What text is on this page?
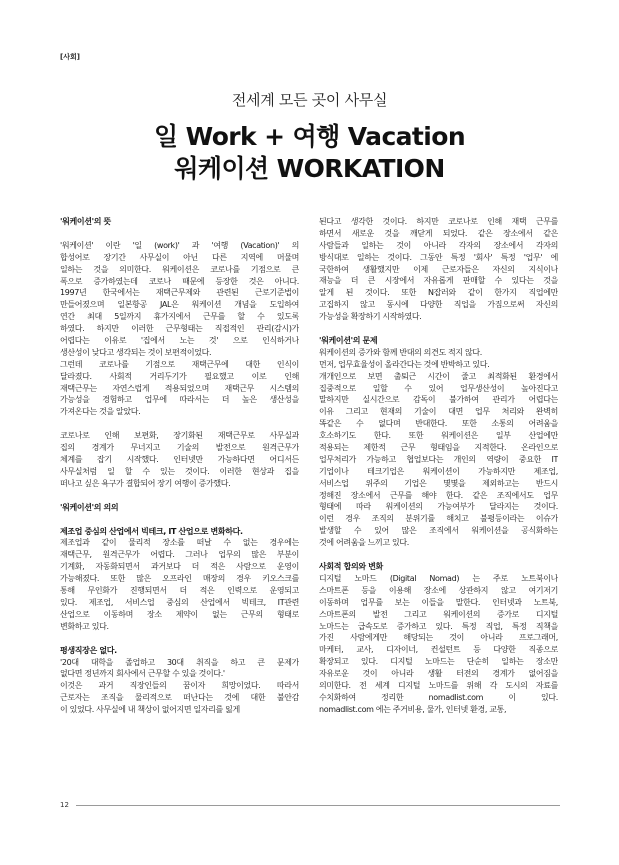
[사회]
전세계 모든 곳이 사무실
일 Work + 여행 Vacation
워케이션 WORKATION
'워케이션'의 뜻
'워케이션' 이란 '일 (work)' 과 '여행 (Vacation)' 의
합성어로 장기간 사무실이 아닌 다른 지역에 머물며
일하는 것을 의미한다. 워케이션은 코로나를 기점으로 큰
폭으로 증가하였는데 코로나 때문에 등장한 것은 아니다.
1997년 한국에서는 재택근무제와 관련된 근로기준법이
만들어졌으며 일본항공 JAL은 워케이션 개념을 도입하여
연간 최대 5일까지 휴가지에서 근무를 할 수 있도록
하였다. 하지만 이러한 근무형태는 직접적인 관리(감시)가
어렵다는 이유로 '집에서 노는 것' 으로 인식하거나
생산성이 낮다고 생각되는 것이 보편적이었다.
그런데 코로나를 기점으로 재택근무에 대한 인식이
달라졌다. 사회적 거리두기가 필요했고 이로 인해
재택근무는 자연스럽게 적용되었으며 재택근무 시스템의
가능성을 경험하고 업무에 따라서는 더 높은 생산성을
가져온다는 것을 알았다.
코로나로 인해 보편화, 장기화된 재택근무로 사무실과
집의 경계가 무너지고 기술의 발전으로 원격근무가
체계를 잡기 시작했다. 인터넷만 가능하다면 어디서든
사무실처럼 일 할 수 있는 것이다. 이러한 현상과 집을
떠나고 싶은 욕구가 결합되어 장기 여행이 증가했다.
'워케이션'의 의의
제조업 중심의 산업에서 빅테크, IT 산업으로 변화하다.
제조업과 같이 물리적 장소를 떠날 수 없는 경우에는
재택근무, 원격근무가 어렵다. 그러나 업무의 많은 부분이
기계화, 자동화되면서 과거보다 더 적은 사람으로 운영이
가능해졌다. 또한 많은 오프라인 매장의 경우 키오스크를
통해 무인화가 진행되면서 더 적은 인력으로 운영되고
있다. 제조업, 서비스업 중심의 산업에서 빅테크, IT관련
산업으로 이동하며 장소 제약이 없는 근무의 형태로
변화하고 있다.
평생직장은 없다.
'20대 대학을 졸업하고 30대 취직을 하고 큰 문제가
없다면 정년까지 회사에서 근무할 수 있을 것이다.'
이것은 과거 직장인들의 꿈이자 희망이었다. 따라서
근로자는 조직을 물리적으로 떠난다는 것에 대한 불안감
이 있었다. 사무실에 내 책상이 없어지면 일자리를 잃게
된다고 생각한 것이다. 하지만 코로나로 인해 재택 근무를
하면서 새로운 것을 깨닫게 되었다. 같은 장소에서 같은
사람들과 일하는 것이 아니라 각자의 장소에서 각자의
방식대로 일하는 것이다. 그동안 특정 '회사' 특정 '업무' 에
국한하여 생활했지만 이제 근로자들은 자신의 지식이나
재능을 더 큰 시장에서 자유롭게 판매할 수 있다는 것을
알게 된 것이다. 또한 N잡러와 같이 한가지 직업에만
고집하지 않고 동시에 다양한 직업을 가짐으로써 자신의
가능성을 확장하기 시작하였다.
'워케이션'의 문제
워케이션의 증가와 함께 반대의 의견도 적지 않다.
먼저, 업무효율성이 올라간다는 것에 반박하고 있다.
개개인으로 보면 출퇴근 시간이 줄고 최적화된 환경에서
집중적으로 일할 수 있어 업무생산성이 높아진다고
말하지만 실시간으로 감독이 불가하여 관리가 어렵다는
이유 그리고 현재의 기술이 대면 업무 처리와 완벽히
똑같은 수 없다며 반대한다. 또한 소통의 어려움을
호소하기도 한다. 또한 워케이션은 일부 산업에만
적용되는 제한적 근무 형태임을 지적한다. 온라인으로
업무처리가 가능하고 협업보다는 개인의 역량이 중요한 IT
기업이나 테크기업은 워케이션이 가능하지만 제조업,
서비스업 위주의 기업은 몇몇을 제외하고는 반드시
정해진 장소에서 근무를 해야 한다. 같은 조직에서도 업무
형태에 따라 워케이션의 가능여부가 달라지는 것이다.
이런 경우 조직의 분위기를 해치고 불평등이라는 이슈가
발생할 수 있어 많은 조직에서 워케이션을 공식화하는
것에 어려움을 느끼고 있다.
사회적 합의와 변화
디지털 노마드 (Digital Nomad) 는 주로 노트북이나
스마트폰 등을 이용해 장소에 상관하지 않고 여기저기
이동하며 업무를 보는 이들을 말한다. 인터넷과 노트북,
스마트폰의 발전 그리고 워케이션의 증가로 디지털
노마드는 급속도로 증가하고 있다. 특정 직업, 특정 직책을
가진 사람에게만 해당되는 것이 아니라 프로그래머,
마케터, 교사, 디자이너, 컨설턴트 등 다양한 직종으로
확장되고 있다. 디지털 노마드는 단순히 일하는 장소만
자유로운 것이 아니라 생활 터전의 경계가 없어짐을
의미한다. 전 세계 디지털 노마드를 위해 각 도시의 자료를
수치화하여 정리한 nomadlist.com 이 있다.
nomadlist.com 에는 주거비용, 물가, 인터넷 환경, 교통,
12
